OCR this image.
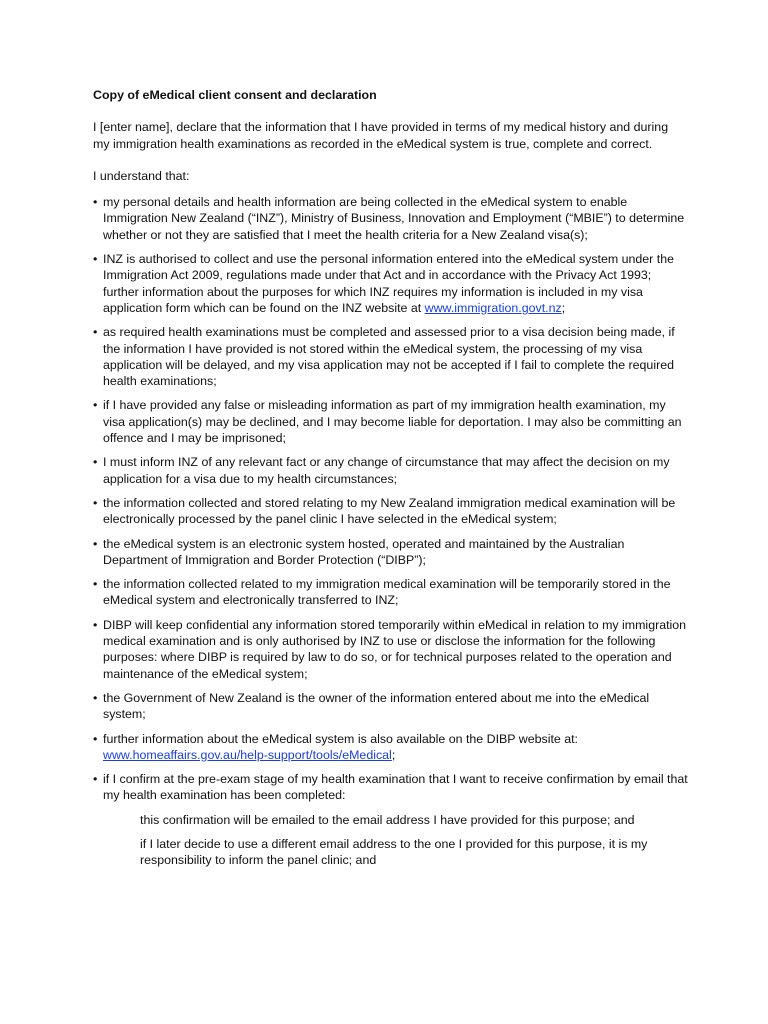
Copy of eMedical client consent and declaration
I [enter name], declare that the information that I have provided in terms of my medical history and during my immigration health examinations as recorded in the eMedical system is true, complete and correct.
I understand that:
• my personal details and health information are being collected in the eMedical system to enable Immigration New Zealand (“INZ”), Ministry of Business, Innovation and Employment (“MBIE”) to determine whether or not they are satisfied that I meet the health criteria for a New Zealand visa(s);
• INZ is authorised to collect and use the personal information entered into the eMedical system under the Immigration Act 2009, regulations made under that Act and in accordance with the Privacy Act 1993; further information about the purposes for which INZ requires my information is included in my visa application form which can be found on the INZ website at www.immigration.govt.nz;
• as required health examinations must be completed and assessed prior to a visa decision being made, if the information I have provided is not stored within the eMedical system, the processing of my visa application will be delayed, and my visa application may not be accepted if I fail to complete the required health examinations;
• if I have provided any false or misleading information as part of my immigration health examination, my visa application(s) may be declined, and I may become liable for deportation. I may also be committing an offence and I may be imprisoned;
• I must inform INZ of any relevant fact or any change of circumstance that may affect the decision on my application for a visa due to my health circumstances;
• the information collected and stored relating to my New Zealand immigration medical examination will be electronically processed by the panel clinic I have selected in the eMedical system;
• the eMedical system is an electronic system hosted, operated and maintained by the Australian Department of Immigration and Border Protection (“DIBP”);
• the information collected related to my immigration medical examination will be temporarily stored in the eMedical system and electronically transferred to INZ;
• DIBP will keep confidential any information stored temporarily within eMedical in relation to my immigration medical examination and is only authorised by INZ to use or disclose the information for the following purposes: where DIBP is required by law to do so, or for technical purposes related to the operation and maintenance of the eMedical system;
• the Government of New Zealand is the owner of the information entered about me into the eMedical system;
• further information about the eMedical system is also available on the DIBP website at: www.homeaffairs.gov.au/help-support/tools/eMedical;
• if I confirm at the pre-exam stage of my health examination that I want to receive confirmation by email that my health examination has been completed:
this confirmation will be emailed to the email address I have provided for this purpose; and
if I later decide to use a different email address to the one I provided for this purpose, it is my responsibility to inform the panel clinic; and
